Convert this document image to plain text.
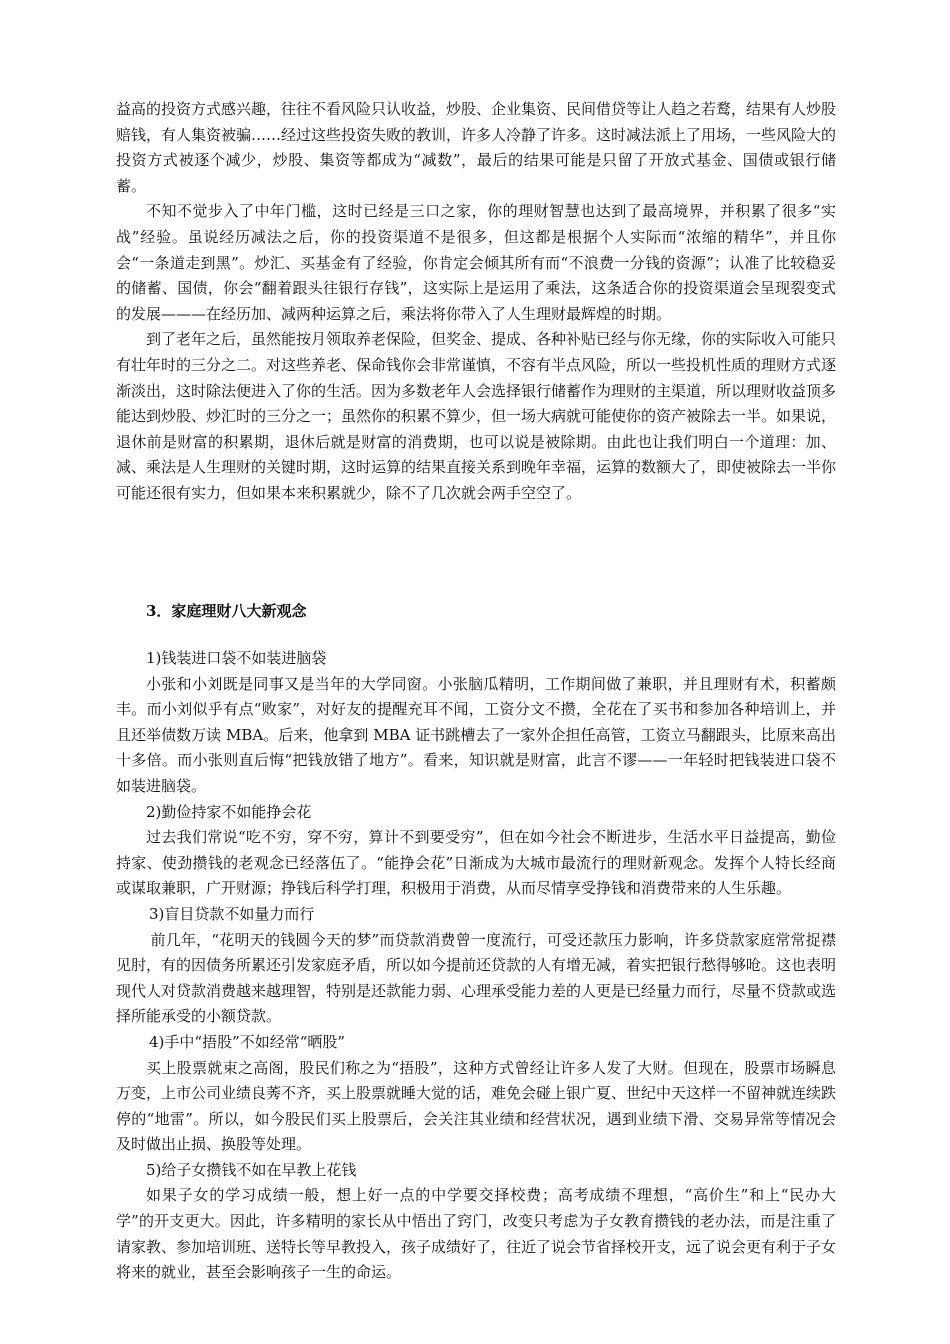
益高的投资方式感兴趣，往往不看风险只认收益，炒股、企业集资、民间借贷等让人趋之若鹜，结果有人炒股赔钱，有人集资被骗……经过这些投资失败的教训，许多人冷静了许多。这时减法派上了用场，一些风险大的投资方式被逐个减少，炒股、集资等都成为“减数”，最后的结果可能是只留了开放式基金、国债或银行储蓄。

不知不觉步入了中年门槛，这时已经是三口之家，你的理财智慧也达到了最高境界，并积累了很多“实战”经验。虽说经历减法之后，你的投资渠道不是很多，但这都是根据个人实际而“浓缩的精华”，并且你会“一条道走到黑”。炒汇、买基金有了经验，你肯定会倾其所有而“不浪费一分钱的资源”；认准了比较稳妥的储蓄、国债，你会“翻着跟头往银行存钱”，这实际上是运用了乘法，这条适合你的投资渠道会呈现裂变式的发展———在经历加、减两种运算之后，乘法将你带入了人生理财最辉煌的时期。

到了老年之后，虽然能按月领取养老保险，但奖金、提成、各种补贴已经与你无缘，你的实际收入可能只有壮年时的三分之二。对这些养老、保命钱你会非常谨慎，不容有半点风险，所以一些投机性质的理财方式逐渐淡出，这时除法便进入了你的生活。因为多数老年人会选择银行储蓄作为理财的主渠道，所以理财收益顶多能达到炒股、炒汇时的三分之一；虽然你的积累不算少，但一场大病就可能使你的资产被除去一半。如果说，退休前是财富的积累期，退休后就是财富的消费期，也可以说是被除期。由此也让我们明白一个道理：加、减、乘法是人生理财的关键时期，这时运算的结果直接关系到晚年幸福，运算的数额大了，即使被除去一半你可能还很有实力，但如果本来积累就少，除不了几次就会两手空空了。

3．家庭理财八大新观念

1)钱装进口袋不如装进脑袋

小张和小刘既是同事又是当年的大学同窗。小张脑瓜精明，工作期间做了兼职，并且理财有术，积蓄颇丰。而小刘似乎有点“败家”，对好友的提醒充耳不闻，工资分文不攒，全花在了买书和参加各种培训上，并且还举债数万读 MBA。后来，他拿到 MBA 证书跳槽去了一家外企担任高管，工资立马翻跟头，比原来高出十多倍。而小张则直后悔“把钱放错了地方”。看来，知识就是财富，此言不谬——一年轻时把钱装进口袋不如装进脑袋。

2)勤俭持家不如能挣会花

过去我们常说“吃不穷，穿不穷，算计不到要受穷”，但在如今社会不断进步，生活水平日益提高，勤俭持家、使劲攒钱的老观念已经落伍了。“能挣会花”日渐成为大城市最流行的理财新观念。发挥个人特长经商或谋取兼职，广开财源；挣钱后科学打理，积极用于消费，从而尽情享受挣钱和消费带来的人生乐趣。

3)盲目贷款不如量力而行

前几年，“花明天的钱圆今天的梦”而贷款消费曾一度流行，可受还款压力影响，许多贷款家庭常常捉襟见肘，有的因债务所累还引发家庭矛盾，所以如今提前还贷款的人有增无减，着实把银行愁得够呛。这也表明现代人对贷款消费越来越理智，特别是还款能力弱、心理承受能力差的人更是已经量力而行，尽量不贷款或选择所能承受的小额贷款。

4)手中“捂股”不如经常“晒股”

买上股票就束之高阁，股民们称之为“捂股”，这种方式曾经让许多人发了大财。但现在，股票市场瞬息万变，上市公司业绩良莠不齐，买上股票就睡大觉的话，难免会碰上银广夏、世纪中天这样一不留神就连续跌停的“地雷”。所以，如今股民们买上股票后，会关注其业绩和经营状况，遇到业绩下滑、交易异常等情况会及时做出止损、换股等处理。

5)给子女攒钱不如在早教上花钱

如果子女的学习成绩一般，想上好一点的中学要交择校费；高考成绩不理想，“高价生”和上“民办大学”的开支更大。因此，许多精明的家长从中悟出了窍门，改变只考虑为子女教育攒钱的老办法，而是注重了请家教、参加培训班、送特长等早教投入，孩子成绩好了，往近了说会节省择校开支，远了说会更有利于子女将来的就业，甚至会影响孩子一生的命运。
